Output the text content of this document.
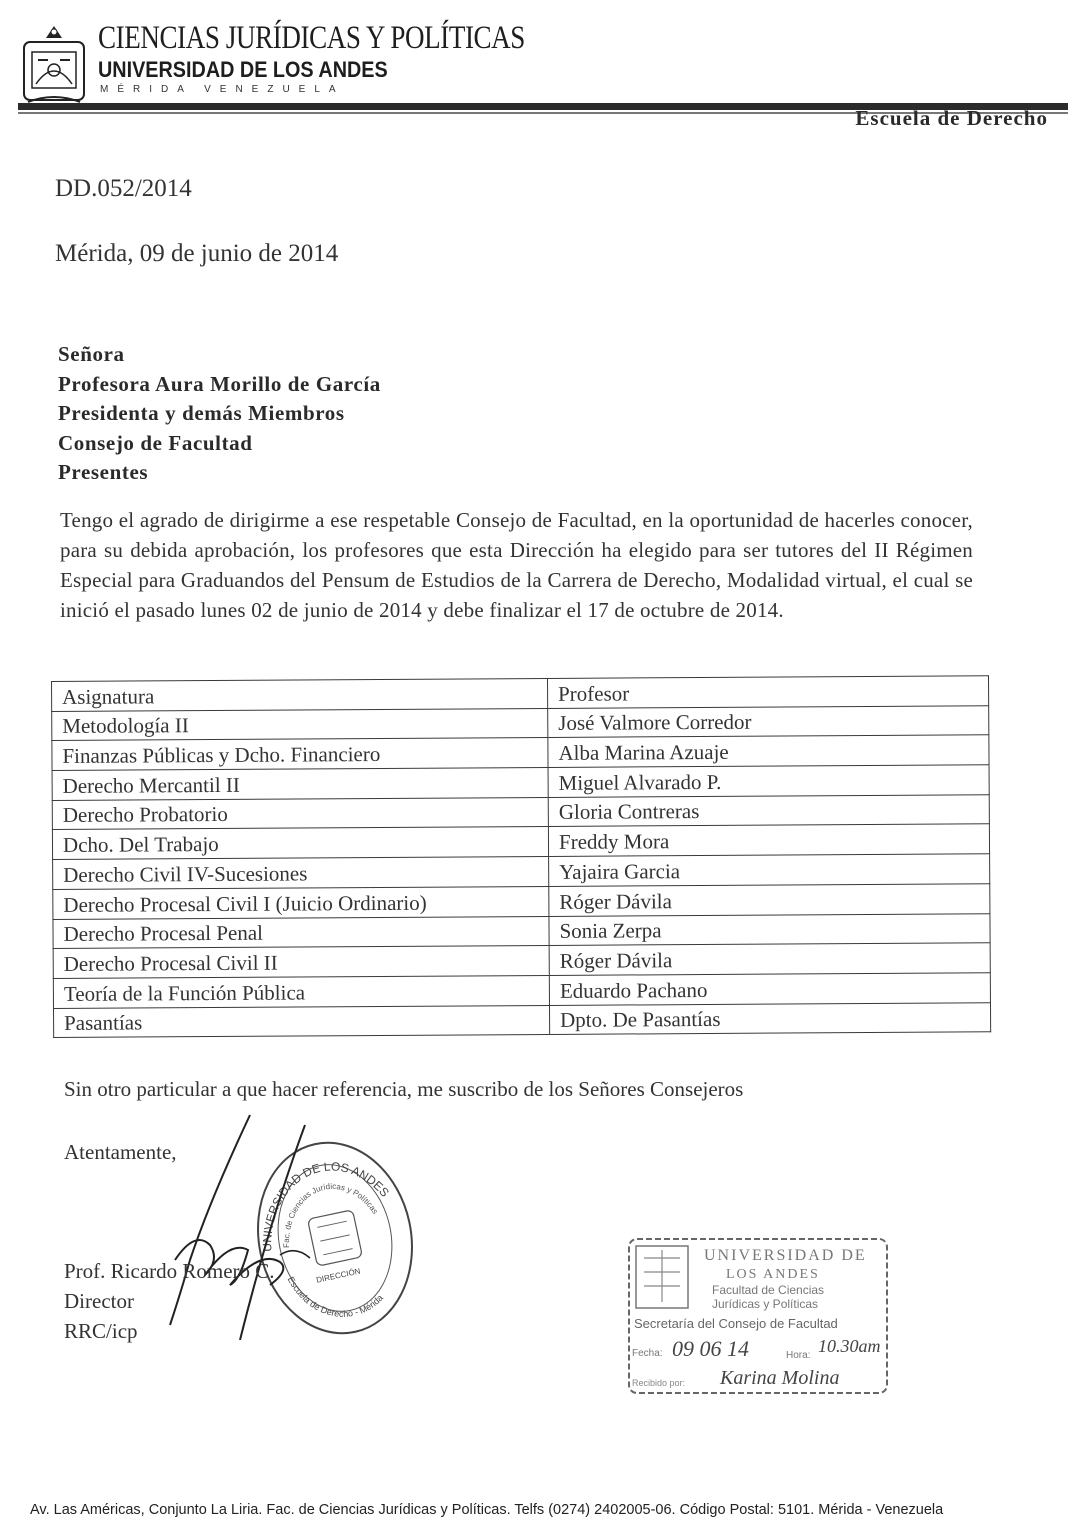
CIENCIAS JURÍDICAS Y POLÍTICAS
UNIVERSIDAD DE LOS ANDES
MÉRIDA VENEZUELA
Escuela de Derecho
DD.052/2014
Mérida, 09 de junio de 2014
Señora
Profesora Aura Morillo de García
Presidenta y demás Miembros
Consejo de Facultad
Presentes
Tengo el agrado de dirigirme a ese respetable Consejo de Facultad, en la oportunidad de hacerles conocer, para su debida aprobación, los profesores que esta Dirección ha elegido para ser tutores del II Régimen Especial para Graduandos del Pensum de Estudios de la Carrera de Derecho, Modalidad virtual, el cual se inició el pasado lunes 02 de junio de 2014 y debe finalizar el 17 de octubre de 2014.
Asignatura	Profesor
Metodología II	José Valmore Corredor
Finanzas Públicas y Dcho. Financiero	Alba Marina Azuaje
Derecho Mercantil II	Miguel Alvarado P.
Derecho Probatorio	Gloria Contreras
Dcho. Del Trabajo	Freddy Mora
Derecho Civil IV-Sucesiones	Yajaira Garcia
Derecho Procesal Civil I (Juicio Ordinario)	Róger Dávila
Derecho Procesal Penal	Sonia Zerpa
Derecho Procesal Civil II	Róger Dávila
Teoría de la Función Pública	Eduardo Pachano
Pasantías	Dpto. De Pasantías
Sin otro particular a que hacer referencia, me suscribo de los Señores Consejeros
Atentamente,
UNIVERSIDAD DE LOS ANDES
Fac. de Ciencias Jurídicas y Políticas
DIRECCIÓN
Escuela de Derecho - Mérida
Prof. Ricardo Romero C.
Director
RRC/icp
UNIVERSIDAD DE
LOS ANDES
Facultad de Ciencias
Jurídicas y Políticas
Secretaría del Consejo de Facultad
Fecha: 09 06 14	Hora: 10.30am
Recibido por: Karina Molina
Av. Las Américas, Conjunto La Liria. Fac. de Ciencias Jurídicas y Políticas. Telfs (0274) 2402005-06. Código Postal: 5101. Mérida - Venezuela
